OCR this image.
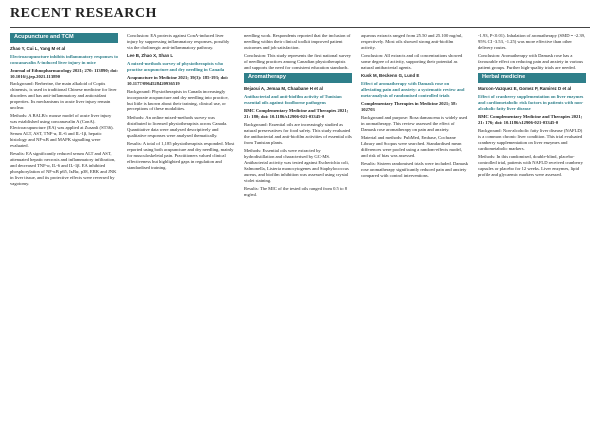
RECENT RESEARCH
Acupuncture and TCM
Zhao Y, Cui L, Yang M et al
Electroacupuncture inhibits inflammatory responses to concanavalin A-induced liver injury in mice
Journal of Ethnopharmacology 2021; 270: 113890; doi: 10.1016/j.jep.2021.113890

Background: Berberine, the main alkaloid of Coptis chinensis, is used in traditional Chinese medicine for liver disorders and has anti-inflammatory and antioxidant properties. Its mechanisms in acute liver injury remain unclear.

Methods: A BALB/c mouse model of acute liver injury was established using concanavalin A (ConA). Electroacupuncture (EA) was applied at Zusanli (ST36). Serum ALT, AST, TNF-α, IL-6 and IL-1β, hepatic histology and NF-κB and MAPK signalling were evaluated.

Results: EA significantly reduced serum ALT and AST, attenuated hepatic necrosis and inflammatory infiltration, and decreased TNF-α, IL-6 and IL-1β. EA inhibited phosphorylation of NF-κB p65, IκBα, p38, ERK and JNK in liver tissue, and its protective effects were reversed by vagotomy.

Conclusion: EA protects against ConA-induced liver injury by suppressing inflammatory responses, possibly via the cholinergic anti-inflammatory pathway.

Lee B, Zhao X, Shan L
A mixed-methods survey of physiotherapists who practise acupuncture and dry needling in Canada
Acupuncture in Medicine 2021; 39(3): 185-193; doi: 10.1177/0964528420936519

Background: Physiotherapists in Canada increasingly incorporate acupuncture and dry needling into practice, but little is known about their training, clinical use, or perceptions of these modalities.

Methods: An online mixed-methods survey was distributed to licensed physiotherapists across Canada. Quantitative data were analysed descriptively and qualitative responses were analysed thematically.

Results: A total of 1,185 physiotherapists responded. Most reported using both acupuncture and dry needling, mainly for musculoskeletal pain. Practitioners valued clinical effectiveness but highlighted gaps in regulation and standardised training.

needling work. Respondents reported that the inclusion of needling within their clinical toolkit improved patient outcomes and job satisfaction.

Conclusion: This study represents the first national survey of needling practices among Canadian physiotherapists and supports the need for consistent education standards.

Aromatherapy
Bejaoui A, Jemaa M, Chaabane H et al
Antibacterial and anti-biofilm activity of Tunisian essential oils against foodborne pathogens
BMC Complementary Medicine and Therapies 2021; 21: 180; doi: 10.1186/s12906-021-03345-0

Background: Essential oils are increasingly studied as natural preservatives for food safety. This study evaluated the antibacterial and anti-biofilm activities of essential oils from Tunisian plants.

Methods: Essential oils were extracted by hydrodistillation and characterised by GC-MS. Antibacterial activity was tested against Escherichia coli, Salmonella, Listeria monocytogenes and Staphylococcus aureus, and biofilm inhibition was assessed using crystal violet staining.

Results: The MIC of the tested oils ranged from 0.5 to 8 mg/ml.

aqueous extracts ranged from 25.50 and 25.100 mg/ml, respectively. Most oils showed strong anti-biofilm activity.

Conclusion: All extracts and oil concentrations showed some degree of activity, supporting their potential as natural antibacterial agents.

Kusk M, Beckenn G, Lund E
Effect of aromatherapy with Damask rose on alleviating pain and anxiety: a systematic review and meta-analysis of randomised controlled trials
Complementary Therapies in Medicine 2021; 58: 102703

Background and purpose: Rosa damascena is widely used in aromatherapy. This review assessed the effect of Damask rose aromatherapy on pain and anxiety.

Material and methods: PubMed, Embase, Cochrane Library and Scopus were searched. Standardised mean differences were pooled using a random-effects model, and risk of bias was assessed.

Results: Sixteen randomised trials were included. Damask rose aromatherapy significantly reduced pain and anxiety compared with control interventions.

-1.93, P<0.01). Inhalation of aromatherapy (SMD = -2.39, 95% CI -3.53, -1.25) was more effective than other delivery routes.

Conclusion: Aromatherapy with Damask rose has a favourable effect on reducing pain and anxiety in various patient groups. Further high-quality trials are needed.

Herbal medicine
Marcon-Vazquez E, Gomez P, Ramirez D et al
Effect of cranberry supplementation on liver enzymes and cardiometabolic risk factors in patients with non-alcoholic fatty liver disease
BMC Complementary Medicine and Therapies 2021; 21: 176; doi: 10.1186/s12906-021-03345-0

Background: Non-alcoholic fatty liver disease (NAFLD) is a common chronic liver condition. This trial evaluated cranberry supplementation on liver enzymes and cardiometabolic markers.

Methods: In this randomised, double-blind, placebo-controlled trial, patients with NAFLD received cranberry capsules or placebo for 12 weeks. Liver enzymes, lipid profile and glycaemic markers were assessed.
